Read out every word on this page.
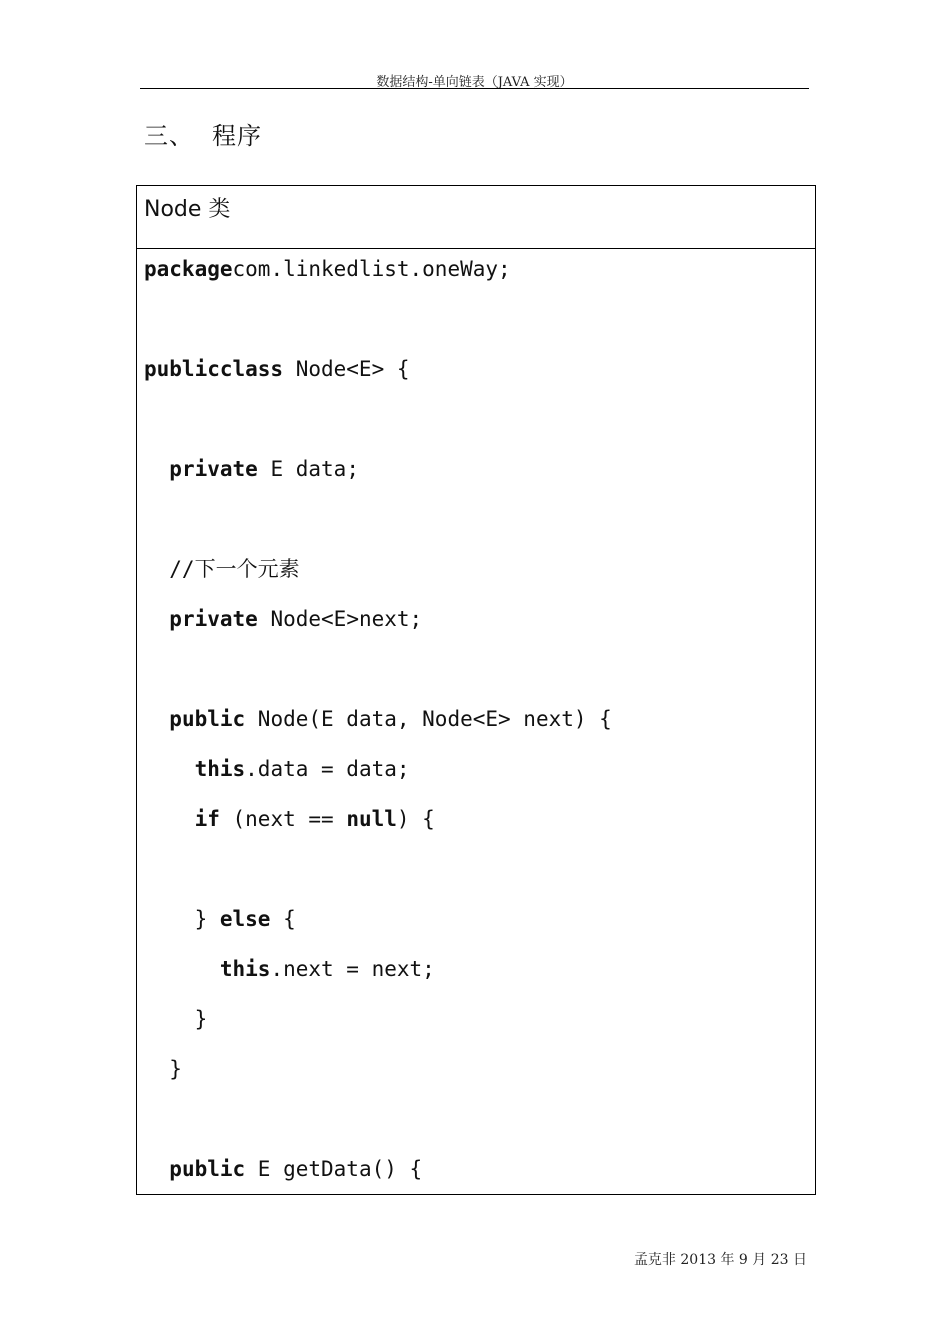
数据结构-单向链表（JAVA 实现）
三、 程序
Node 类
packagecom.linkedlist.oneWay;
publicclass Node<E> {
private E data;
//下一个元素
private Node<E>next;
public Node(E data, Node<E> next) {
this.data = data;
if (next == null) {
} else {
this.next = next;
}
}
public E getData() {
孟克非 2013 年 9 月 23 日
